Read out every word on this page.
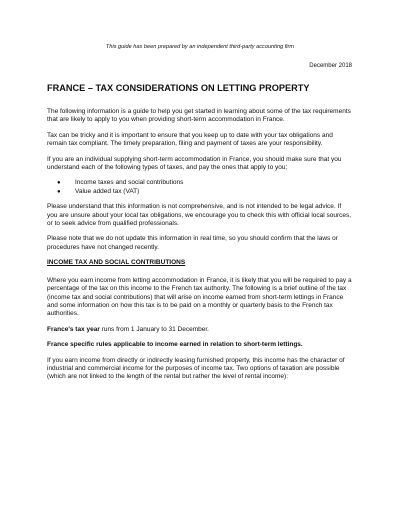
This guide has been prepared by an independent third-party accounting firm
December 2018
FRANCE – TAX CONSIDERATIONS ON LETTING PROPERTY

The following information is a guide to help you get started in learning about some of the tax requirements that are likely to apply to you when providing short-term accommodation in France.

Tax can be tricky and it is important to ensure that you keep up to date with your tax obligations and remain tax compliant. The timely preparation, filing and payment of taxes are your responsibility.

If you are an individual supplying short-term accommodation in France, you should make sure that you understand each of the following types of taxes, and pay the ones that apply to you;

● Income taxes and social contributions
● Value added tax (VAT)

Please understand that this information is not comprehensive, and is not intended to be legal advice. If you are unsure about your local tax obligations, we encourage you to check this with official local sources, or to seek advice from qualified professionals.

Please note that we do not update this information in real time, so you should confirm that the laws or procedures have not changed recently.

INCOME TAX AND SOCIAL CONTRIBUTIONS

Where you earn income from letting accommodation in France, it is likely that you will be required to pay a percentage of the tax on this income to the French tax authority. The following is a brief outline of the tax (income tax and social contributions) that will arise on income earned from short-term lettings in France and some information on how this tax is to be paid on a monthly or quarterly basis to the French tax authorities.

France's tax year runs from 1 January to 31 December.

France specific rules applicable to income earned in relation to short-term lettings.

If you earn income from directly or indirectly leasing furnished property, this income has the character of industrial and commercial income for the purposes of income tax. Two options of taxation are possible (which are not linked to the length of the rental but rather the level of rental income):
